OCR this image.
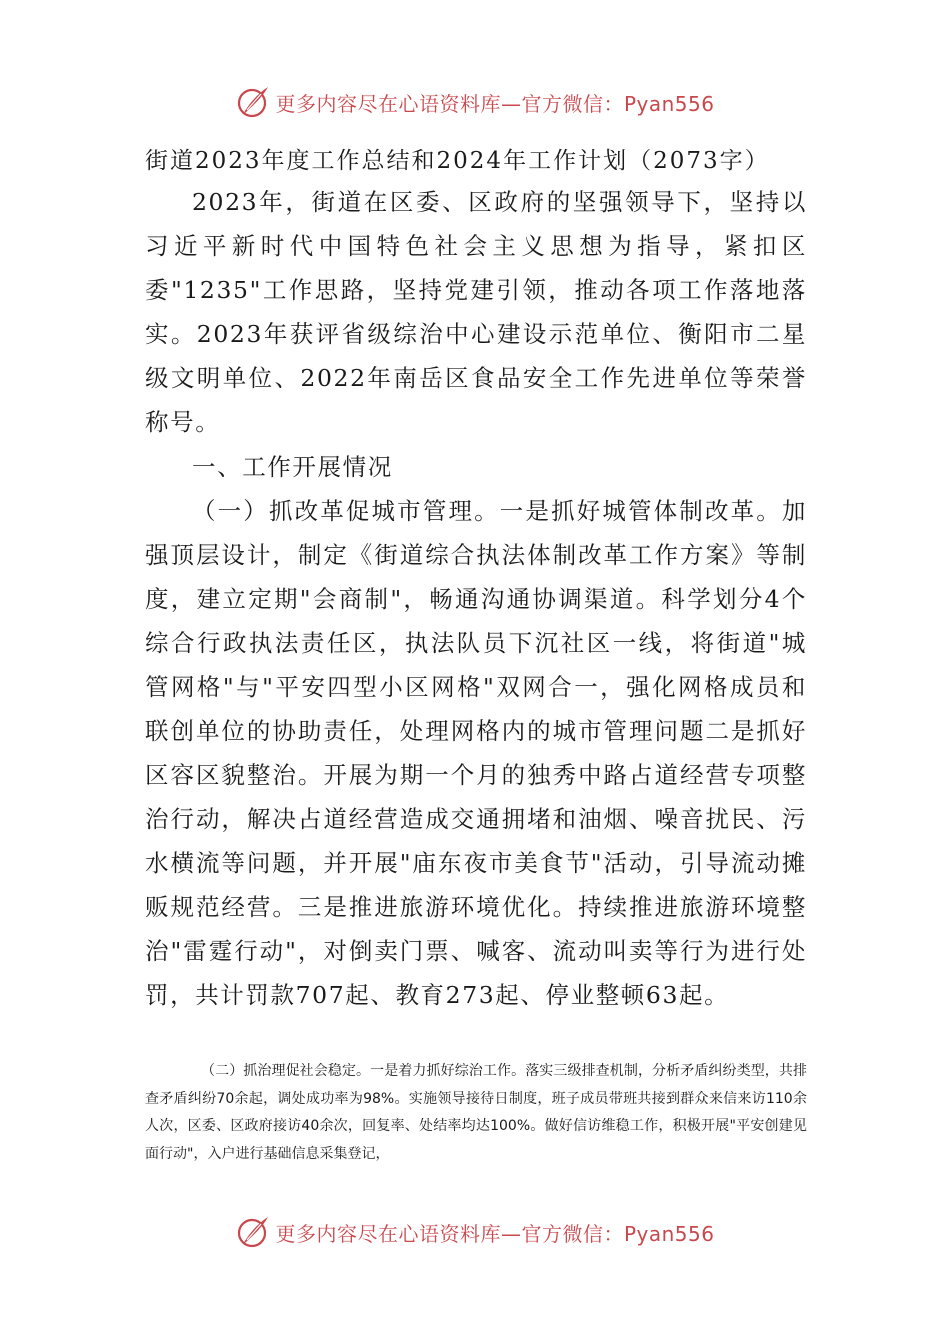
更多内容尽在心语资料库—官方微信：Pyan556
街道2023年度工作总结和2024年工作计划（2073字）

2023年，街道在区委、区政府的坚强领导下，坚持以习近平新时代中国特色社会主义思想为指导，紧扣区委"1235"工作思路，坚持党建引领，推动各项工作落地落实。2023年获评省级综治中心建设示范单位、衡阳市二星级文明单位、2022年南岳区食品安全工作先进单位等荣誉称号。

一、工作开展情况

（一）抓改革促城市管理。一是抓好城管体制改革。加强顶层设计，制定《街道综合执法体制改革工作方案》等制度，建立定期"会商制"，畅通沟通协调渠道。科学划分4个综合行政执法责任区，执法队员下沉社区一线，将街道"城管网格"与"平安四型小区网格"双网合一，强化网格成员和联创单位的协助责任，处理网格内的城市管理问题二是抓好区容区貌整治。开展为期一个月的独秀中路占道经营专项整治行动，解决占道经营造成交通拥堵和油烟、噪音扰民、污水横流等问题，并开展"庙东夜市美食节"活动，引导流动摊贩规范经营。三是推进旅游环境优化。持续推进旅游环境整治"雷霆行动"，对倒卖门票、喊客、流动叫卖等行为进行处罚，共计罚款707起、教育273起、停业整顿63起。

（二）抓治理促社会稳定。一是着力抓好综治工作。落实三级排查机制，分析矛盾纠纷类型，共排查矛盾纠纷70余起，调处成功率为98%。实施领导接待日制度，班子成员带班共接到群众来信来访110余人次，区委、区政府接访40余次，回复率、处结率均达100%。做好信访维稳工作，积极开展"平安创建见面行动"，入户进行基础信息采集登记，

更多内容尽在心语资料库—官方微信：Pyan556
